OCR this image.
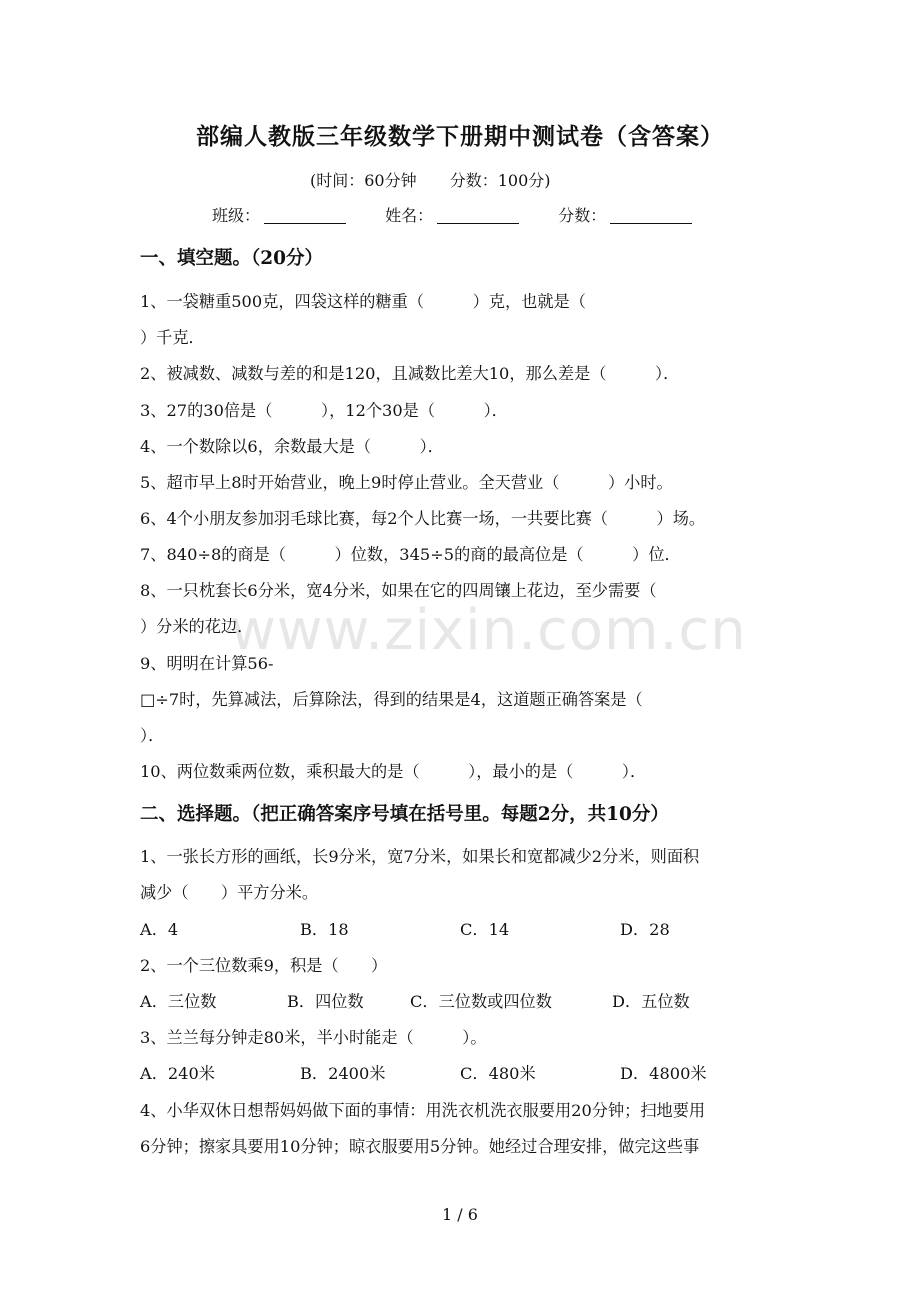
www.zixin.com.cn
部编人教版三年级数学下册期中测试卷（含答案）
(时间：60分钟 分数：100分)
班级：	姓名：	分数：
一、填空题。（20分）
1、一袋糖重500克，四袋这样的糖重（　　　）克，也就是（
）千克．
2、被减数、减数与差的和是120，且减数比差大10，那么差是（　　　）．
3、27的30倍是（　　　），12个30是（　　　）．
4、一个数除以6，余数最大是（　　　）．
5、超市早上8时开始营业，晚上9时停止营业。全天营业（　　　）小时。
6、4个小朋友参加羽毛球比赛，每2个人比赛一场，一共要比赛（　　　）场。
7、840÷8的商是（　　　）位数，345÷5的商的最高位是（　　　）位．
8、一只枕套长6分米，宽4分米，如果在它的四周镶上花边，至少需要（
）分米的花边．
9、明明在计算56-
□÷7时，先算减法，后算除法，得到的结果是4，这道题正确答案是（
）．
10、两位数乘两位数，乘积最大的是（　　　），最小的是（　　　）．
二、选择题。（把正确答案序号填在括号里。每题2分，共10分）
1、一张长方形的画纸，长9分米，宽7分米，如果长和宽都减少2分米，则面积
减少（　　）平方分米。
A．4	B．18	C．14	D．28
2、一个三位数乘9，积是（　　）
A．三位数	B．四位数	C．三位数或四位数	D．五位数
3、兰兰每分钟走80米，半小时能走（　　　）。
A．240米	B．2400米	C．480米	D．4800米
4、小华双休日想帮妈妈做下面的事情：用洗衣机洗衣服要用20分钟；扫地要用
6分钟；擦家具要用10分钟；晾衣服要用5分钟。她经过合理安排，做完这些事
1 / 6
